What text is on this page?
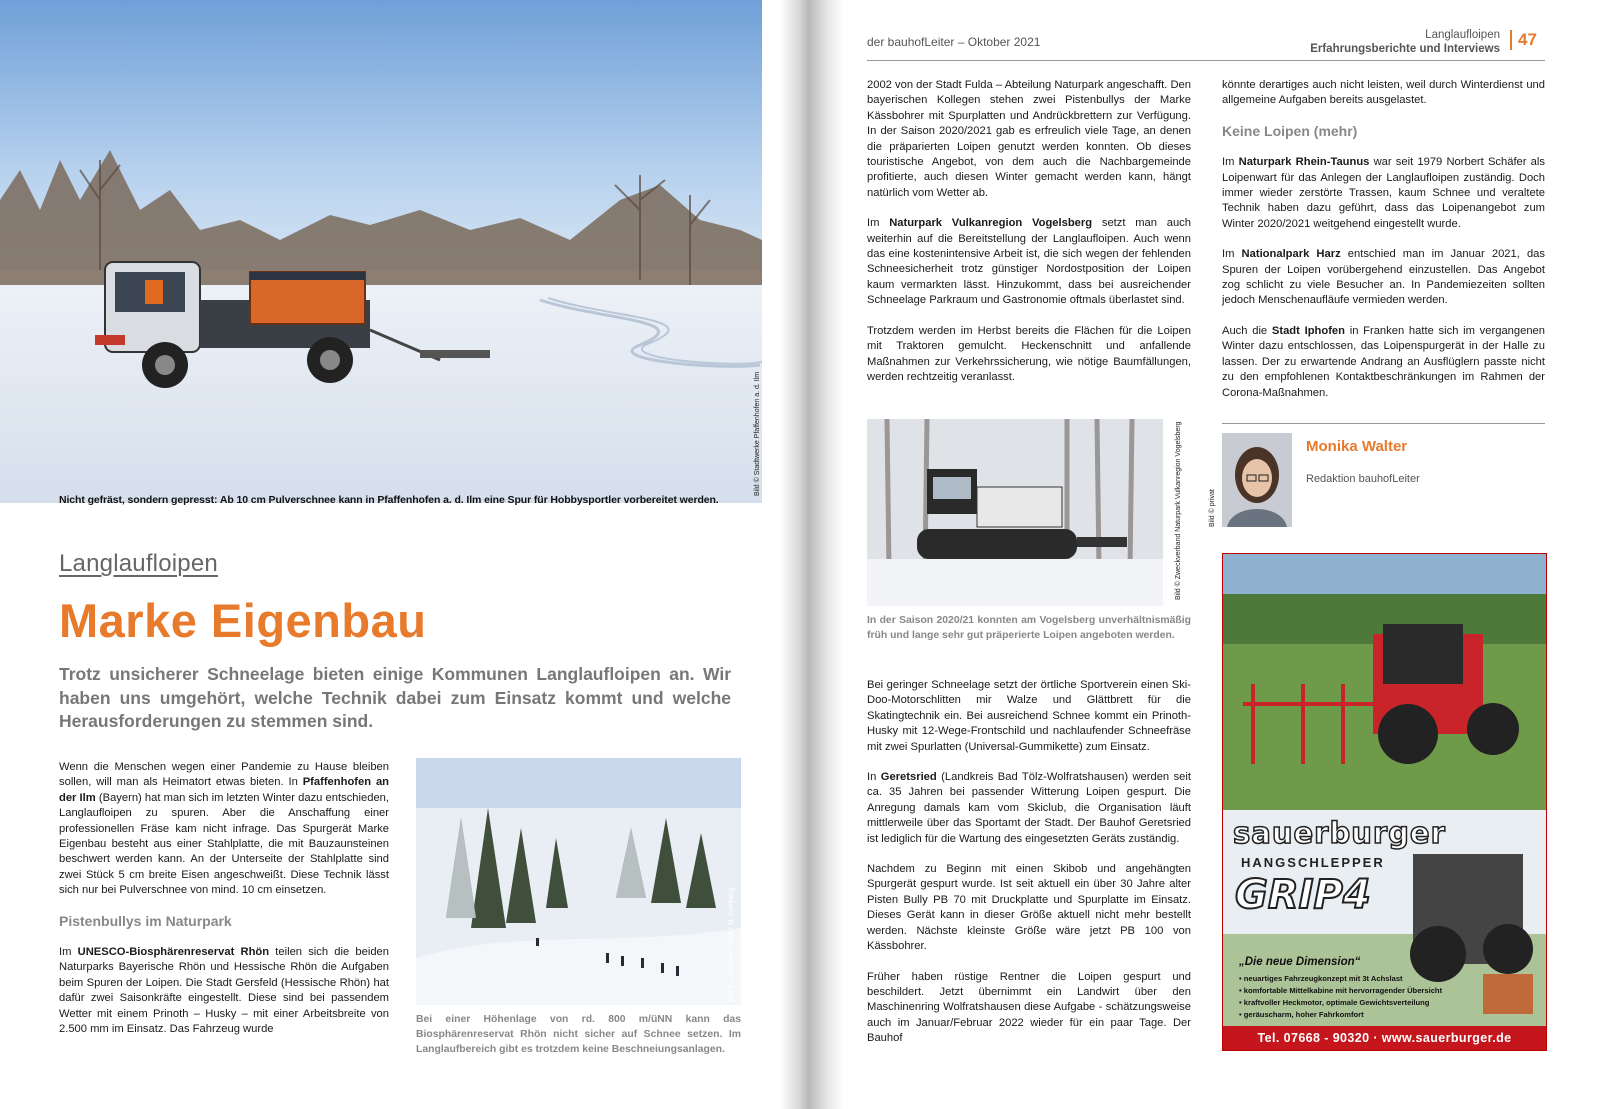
Nicht gefräst, sondern gepresst: Ab 10 cm Pulverschnee kann in Pfaffenhofen a. d. Ilm eine Spur für Hobbysportler vorbereitet werden.
Bild © Stadtwerke Pfaffenhofen a. d. Ilm
Langlaufloipen
Marke Eigenbau
Trotz unsicherer Schneelage bieten einige Kommunen Langlaufloipen an. Wir haben uns umgehört, welche Technik dabei zum Einsatz kommt und welche Herausforderungen zu stemmen sind.

Wenn die Menschen wegen einer Pandemie zu Hause bleiben sollen, will man als Heimatort etwas bieten. In Pfaffenhofen an der Ilm (Bayern) hat man sich im letzten Winter dazu entschieden, Langlaufloipen zu spuren. Aber die Anschaffung einer professionellen Fräse kam nicht infrage. Das Spurgerät Marke Eigenbau besteht aus einer Stahlplatte, die mit Bauzaunsteinen beschwert werden kann. An der Unterseite der Stahlplatte sind zwei Stück 5 cm breite Eisen angeschweißt. Diese Technik lässt sich nur bei Pulverschnee von mind. 10 cm einsetzen.

Pistenbullys im Naturpark

Im UNESCO-Biosphärenreservat Rhön teilen sich die beiden Naturparks Bayerische Rhön und Hessische Rhön die Aufgaben beim Spuren der Loipen. Die Stadt Gersfeld (Hessische Rhön) hat dafür zwei Saisonkräfte eingestellt. Diese sind bei passendem Wetter mit einem Prinoth – Husky – mit einer Arbeitsbreite von 2.500 mm im Einsatz. Das Fahrzeug wurde

Bild © Landkreis Fulda / M. Kuhlberg
Bei einer Höhenlage von rd. 800 m/üNN kann das Biosphärenreservat Rhön nicht sicher auf Schnee setzen. Im Langlaufbereich gibt es trotzdem keine Beschneiungsanlagen.
der bauhofLeiter – Oktober 2021	Langlaufloipen
Erfahrungsberichte und Interviews	47

2002 von der Stadt Fulda – Abteilung Naturpark angeschafft. Den bayerischen Kollegen stehen zwei Pistenbullys der Marke Kässbohrer mit Spurplatten und Andrückbrettern zur Verfügung. In der Saison 2020/2021 gab es erfreulich viele Tage, an denen die präparierten Loipen genutzt werden konnten. Ob dieses touristische Angebot, von dem auch die Nachbargemeinde profitierte, auch diesen Winter gemacht werden kann, hängt natürlich vom Wetter ab.

Im Naturpark Vulkanregion Vogelsberg setzt man auch weiterhin auf die Bereitstellung der Langlaufloipen. Auch wenn das eine kostenintensive Arbeit ist, die sich wegen der fehlenden Schneesicherheit trotz günstiger Nordostposition der Loipen kaum vermarkten lässt. Hinzukommt, dass bei ausreichender Schneelage Parkraum und Gastronomie oftmals überlastet sind.

Trotzdem werden im Herbst bereits die Flächen für die Loipen mit Traktoren gemulcht. Heckenschnitt und anfallende Maßnahmen zur Verkehrssicherung, wie nötige Baumfällungen, werden rechtzeitig veranlasst.

Bild © Zweckverband Naturpark Vulkanregion Vogelsberg
In der Saison 2020/21 konnten am Vogelsberg unverhältnismäßig früh und lange sehr gut präperierte Loipen angeboten werden.

Bei geringer Schneelage setzt der örtliche Sportverein einen Ski-Doo-Motorschlitten mir Walze und Glättbrett für die Skatingtechnik ein. Bei ausreichend Schnee kommt ein Prinoth-Husky mit 12-Wege-Frontschild und nachlaufender Schneefräse mit zwei Spurlatten (Universal-Gummikette) zum Einsatz.

In Geretsried (Landkreis Bad Tölz-Wolfratshausen) werden seit ca. 35 Jahren bei passender Witterung Loipen gespurt. Die Anregung damals kam vom Skiclub, die Organisation läuft mittlerweile über das Sportamt der Stadt. Der Bauhof Geretsried ist lediglich für die Wartung des eingesetzten Geräts zuständig.

Nachdem zu Beginn mit einen Skibob und angehängten Spurgerät gespurt wurde. Ist seit aktuell ein über 30 Jahre alter Pisten Bully PB 70 mit Druckplatte und Spurplatte im Einsatz. Dieses Gerät kann in dieser Größe aktuell nicht mehr bestellt werden. Nächste kleinste Größe wäre jetzt PB 100 von Kässbohrer.

Früher haben rüstige Rentner die Loipen gespurt und beschildert. Jetzt übernimmt ein Landwirt über den Maschinenring Wolfratshausen diese Aufgabe - schätzungsweise auch im Januar/Februar 2022 wieder für ein paar Tage. Der Bauhof

könnte derartiges auch nicht leisten, weil durch Winterdienst und allgemeine Aufgaben bereits ausgelastet.

Keine Loipen (mehr)

Im Naturpark Rhein-Taunus war seit 1979 Norbert Schäfer als Loipenwart für das Anlegen der Langlaufloipen zuständig. Doch immer wieder zerstörte Trassen, kaum Schnee und veraltete Technik haben dazu geführt, dass das Loipenangebot zum Winter 2020/2021 weitgehend eingestellt wurde.

Im Nationalpark Harz entschied man im Januar 2021, das Spuren der Loipen vorübergehend einzustellen. Das Angebot zog schlicht zu viele Besucher an. In Pandemiezeiten sollten jedoch Menschenaufläufe vermieden werden.

Auch die Stadt Iphofen in Franken hatte sich im vergangenen Winter dazu entschlossen, das Loipenspurgerät in der Halle zu lassen. Der zu erwartende Andrang an Ausflüglern passte nicht zu den empfohlenen Kontaktbeschränkungen im Rahmen der Corona-Maßnahmen.

Bild © privat
Monika Walter
Redaktion bauhofLeiter
sauerburger
HANGSCHLEPPER
GRIP4
„Die neue Dimension“
• neuartiges Fahrzeugkonzept mit 3t Achslast
• komfortable Mittelkabine mit hervorragender Übersicht
• kraftvoller Heckmotor, optimale Gewichtsverteilung
• geräuscharm, hoher Fahrkomfort
Tel. 07668 - 90320 · www.sauerburger.de
